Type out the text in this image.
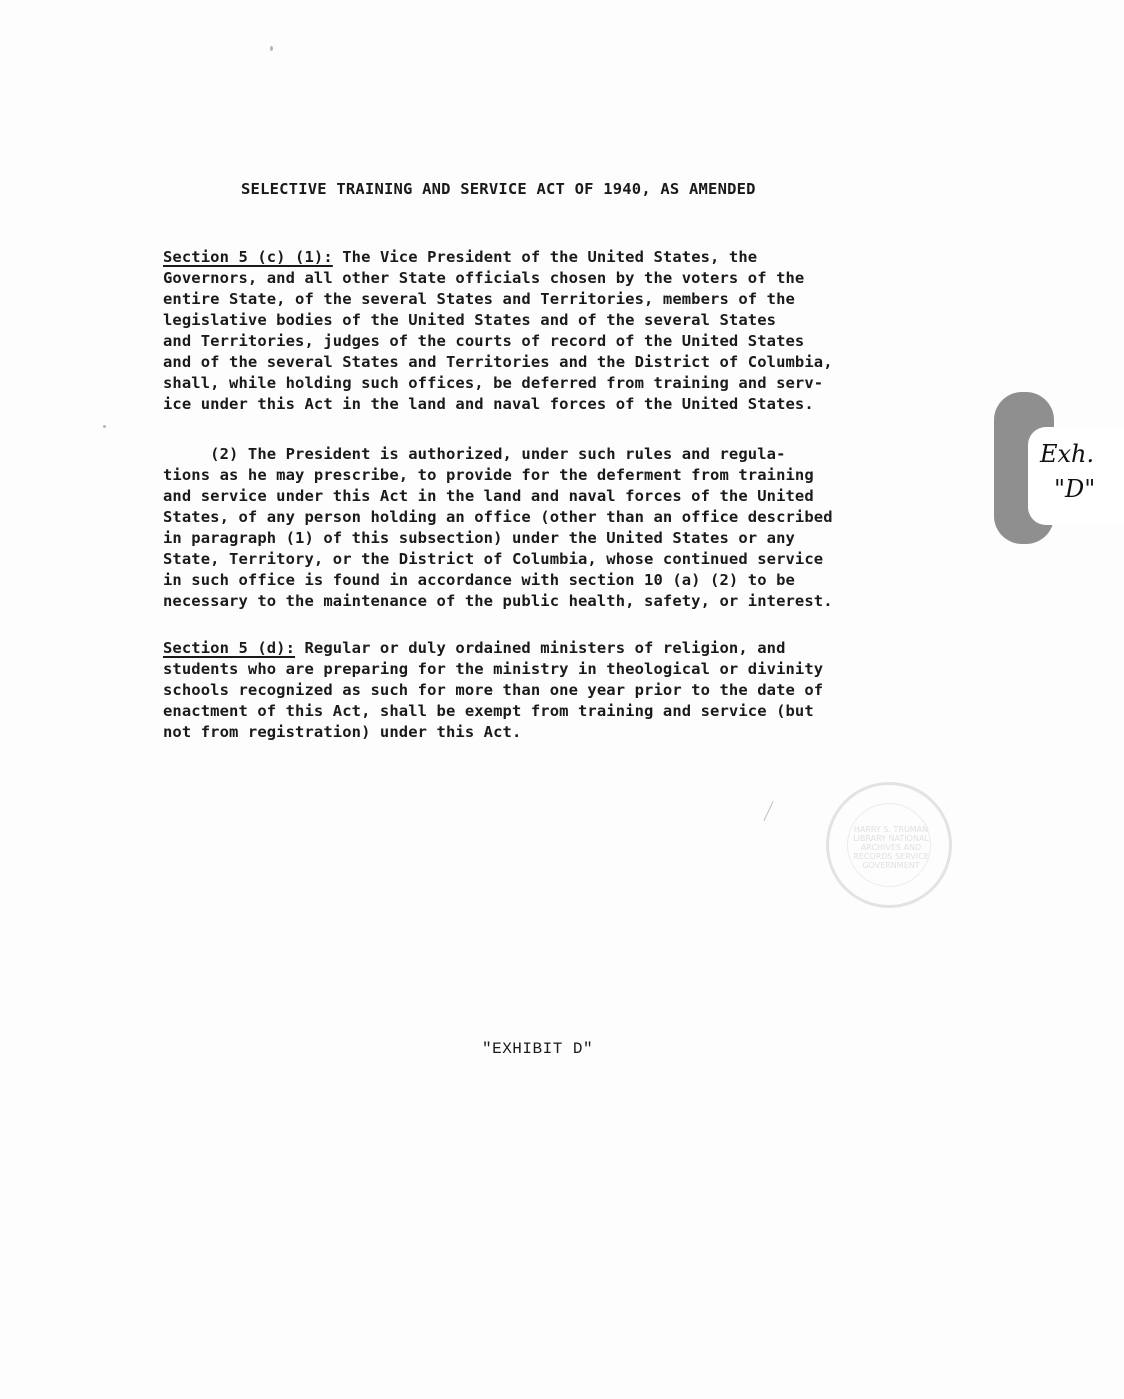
SELECTIVE TRAINING AND SERVICE ACT OF 1940, AS AMENDED
Section 5 (c) (1): The Vice President of the United States, the
Governors, and all other State officials chosen by the voters of the
entire State, of the several States and Territories, members of the
legislative bodies of the United States and of the several States
and Territories, judges of the courts of record of the United States
and of the several States and Territories and the District of Columbia,
shall, while holding such offices, be deferred from training and serv-
ice under this Act in the land and naval forces of the United States.
(2) The President is authorized, under such rules and regula-
tions as he may prescribe, to provide for the deferment from training
and service under this Act in the land and naval forces of the United
States, of any person holding an office (other than an office described
in paragraph (1) of this subsection) under the United States or any
State, Territory, or the District of Columbia, whose continued service
in such office is found in accordance with section 10 (a) (2) to be
necessary to the maintenance of the public health, safety, or interest.
Section 5 (d): Regular or duly ordained ministers of religion, and
students who are preparing for the ministry in theological or divinity
schools recognized as such for more than one year prior to the date of
enactment of this Act, shall be exempt from training and service (but
not from registration) under this Act.
"EXHIBIT D"
Exh.
"D"
HARRY S. TRUMAN LIBRARY NATIONAL ARCHIVES AND RECORDS SERVICE GOVERNMENT
